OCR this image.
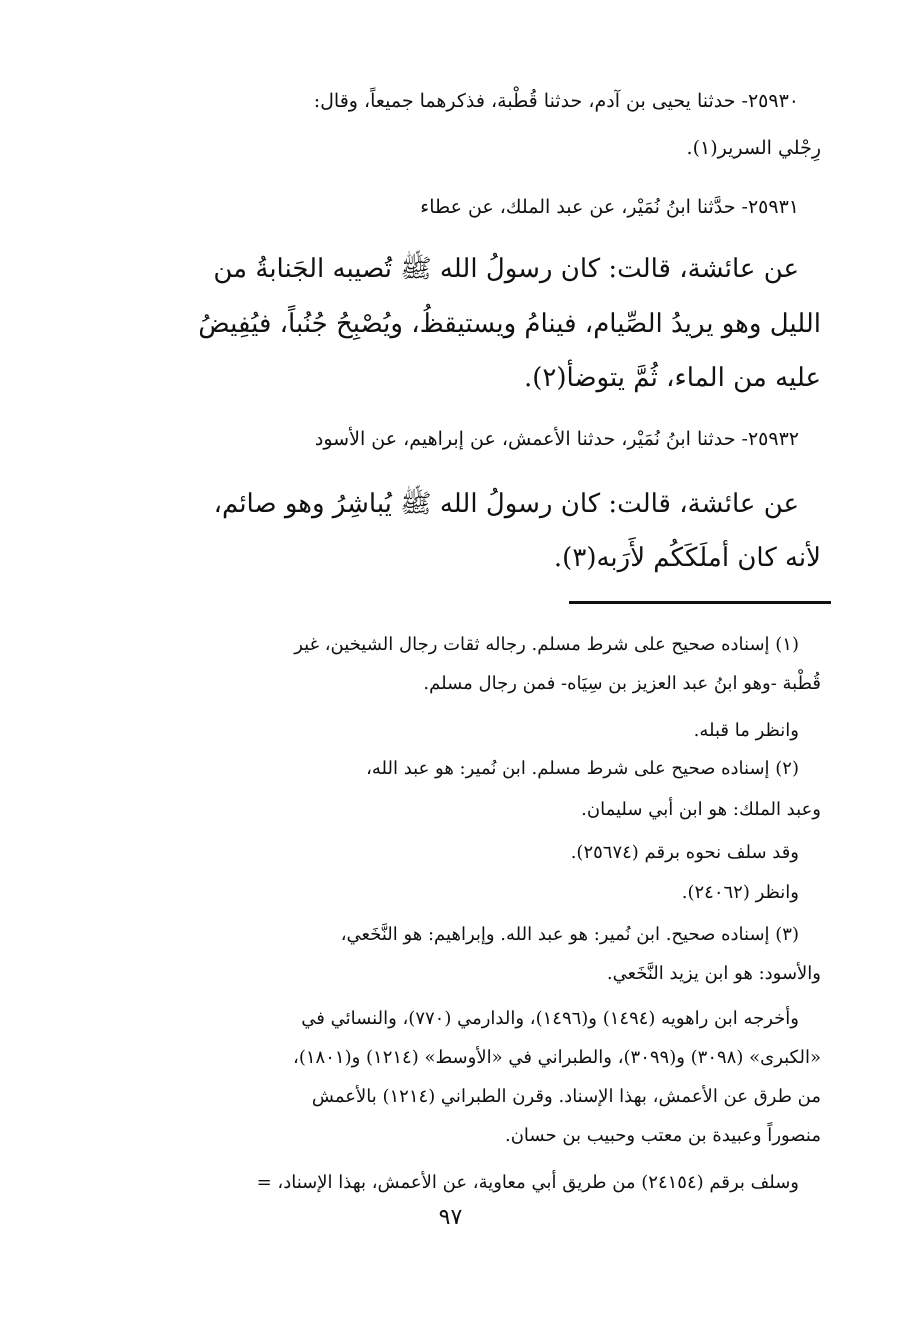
٢٥٩٣٠- حدثنا يحيى بن آدم، حدثنا قُطْبة، فذكرهما جميعاً، وقال:
رِجْلي السرير(١).
٢٥٩٣١- حدَّثنا ابنُ نُمَيْر، عن عبد الملك، عن عطاء
عن عائشة، قالت: كان رسولُ الله ﷺ تُصيبه الجَنابةُ من
الليل وهو يريدُ الصِّيام، فينامُ ويستيقظُ، ويُصْبِحُ جُنُباً، فيُفِيضُ
عليه من الماء، ثُمَّ يتوضأ(٢).
٢٥٩٣٢- حدثنا ابنُ نُمَيْر، حدثنا الأعمش، عن إبراهيم، عن الأسود
عن عائشة، قالت: كان رسولُ الله ﷺ يُباشِرُ وهو صائم،
لأنه كان أملَكَكُم لأَرَبه(٣).
(١) إسناده صحيح على شرط مسلم. رجاله ثقات رجال الشيخين، غير
قُطْبة -وهو ابنُ عبد العزيز بن سِيَاه- فمن رجال مسلم.
وانظر ما قبله.
(٢) إسناده صحيح على شرط مسلم. ابن نُمير: هو عبد الله،
وعبد الملك: هو ابن أبي سليمان.
وقد سلف نحوه برقم (٢٥٦٧٤).
وانظر (٢٤٠٦٢).
(٣) إسناده صحيح. ابن نُمير: هو عبد الله. وإبراهيم: هو النَّخَعي،
والأسود: هو ابن يزيد النَّخَعي.
وأخرجه ابن راهويه (١٤٩٤) و(١٤٩٦)، والدارمي (٧٧٠)، والنسائي في
«الكبرى» (٣٠٩٨) و(٣٠٩٩)، والطبراني في «الأوسط» (١٢١٤) و(١٨٠١)،
من طرق عن الأعمش، بهذا الإسناد. وقرن الطبراني (١٢١٤) بالأعمش
منصوراً وعبيدة بن معتب وحبيب بن حسان.
وسلف برقم (٢٤١٥٤) من طريق أبي معاوية، عن الأعمش، بهذا الإسناد، =
٩٧
